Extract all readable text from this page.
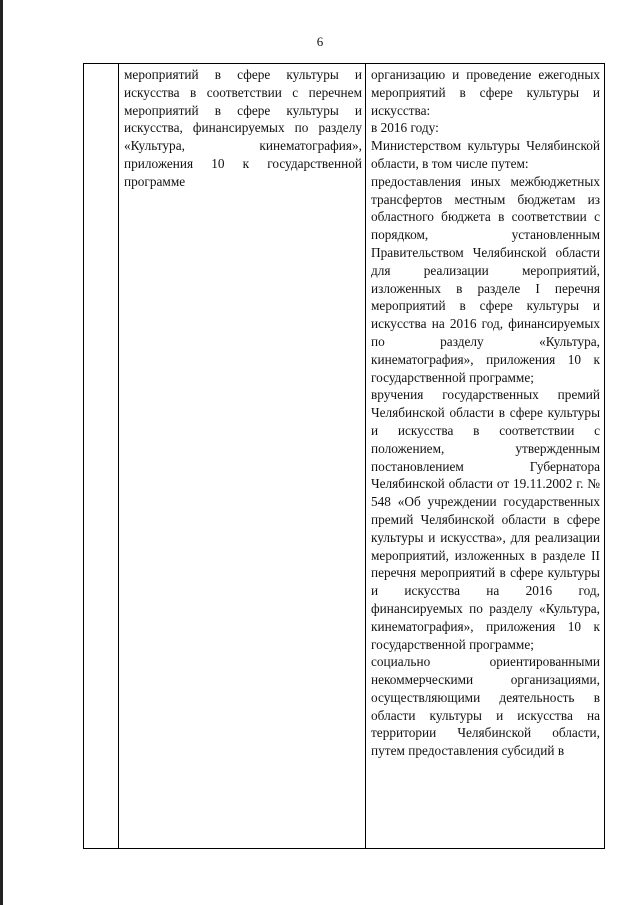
6

мероприятий в сфере культуры и искусства в соответствии с перечнем мероприятий в сфере культуры и искусства, финансируемых по разделу «Культура, кинематография», приложения 10 к государственной программе

организацию и проведение ежегодных мероприятий в сфере культуры и искусства:

в 2016 году:

Министерством культуры Челябинской области, в том числе путем:

предоставления иных межбюджетных трансфертов местным бюджетам из областного бюджета в соответствии с порядком, установленным Правительством Челябинской области для реализации мероприятий, изложенных в разделе I перечня мероприятий в сфере культуры и искусства на 2016 год, финансируемых по разделу «Культура, кинематография», приложения 10 к государственной программе;

вручения государственных премий Челябинской области в сфере культуры и искусства в соответствии с положением, утвержденным постановлением Губернатора Челябинской области от 19.11.2002 г. № 548 «Об учреждении государственных премий Челябинской области в сфере культуры и искусства», для реализации мероприятий, изложенных в разделе II перечня мероприятий в сфере культуры и искусства на 2016 год, финансируемых по разделу «Культура, кинематография», приложения 10 к государственной программе;

социально ориентированными некоммерческими организациями, осуществляющими деятельность в области культуры и искусства на территории Челябинской области, путем предоставления субсидий в
